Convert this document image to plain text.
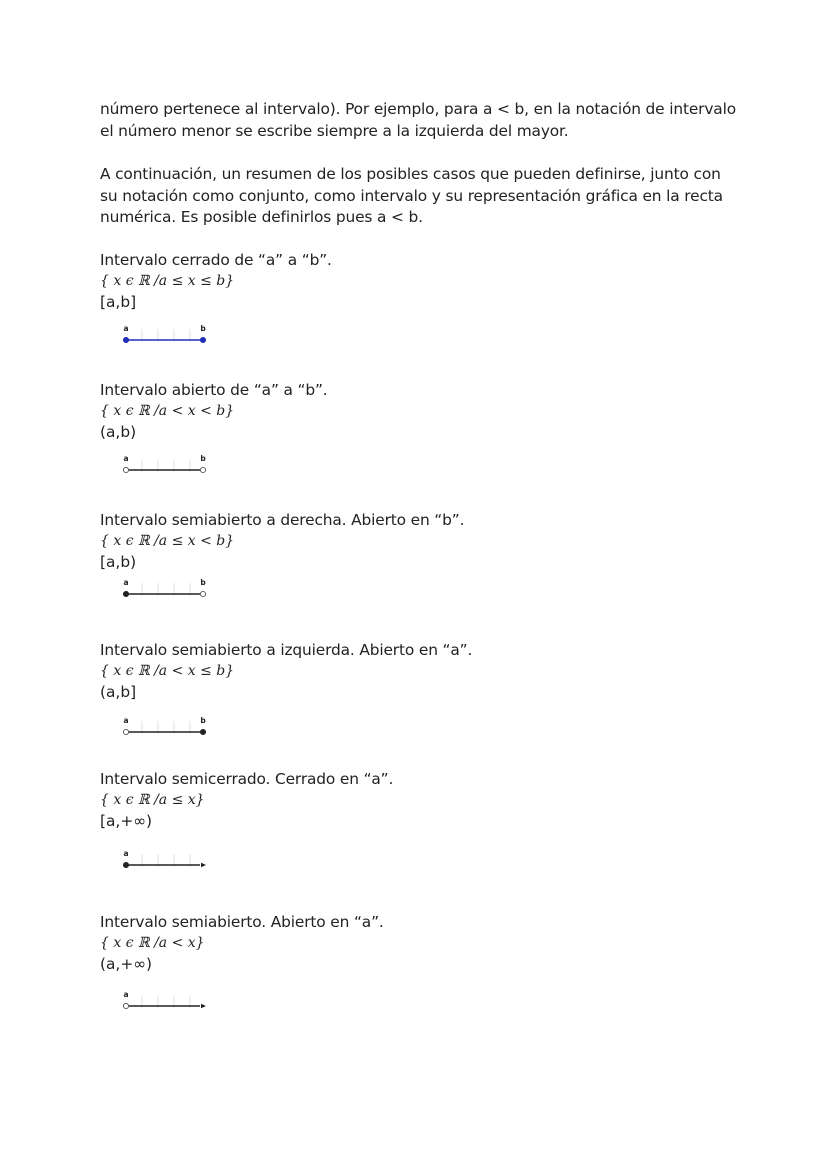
número pertenece al intervalo). Por ejemplo, para a < b, en la notación de intervalo
el número menor se escribe siempre a la izquierda del mayor.
A continuación, un resumen de los posibles casos que pueden definirse, junto con
su notación como conjunto, como intervalo y su representación gráfica en la recta
numérica. Es posible definirlos pues a < b.
Intervalo cerrado de “a” a “b”.
{ x ϵ ℝ /a ≤ x ≤ b}
[a,b]
a	b
Intervalo abierto de “a” a “b”.
{ x ϵ ℝ /a < x < b}
(a,b)
a	b
Intervalo semiabierto a derecha. Abierto en “b”.
{ x ϵ ℝ /a ≤ x < b}
[a,b)
a	b
Intervalo semiabierto a izquierda. Abierto en “a”.
{ x ϵ ℝ /a < x ≤ b}
(a,b]
a	b
Intervalo semicerrado. Cerrado en “a”.
{ x ϵ ℝ /a ≤ x}
[a,+∞)
a
Intervalo semiabierto. Abierto en “a”.
{ x ϵ ℝ /a < x}
(a,+∞)
a
